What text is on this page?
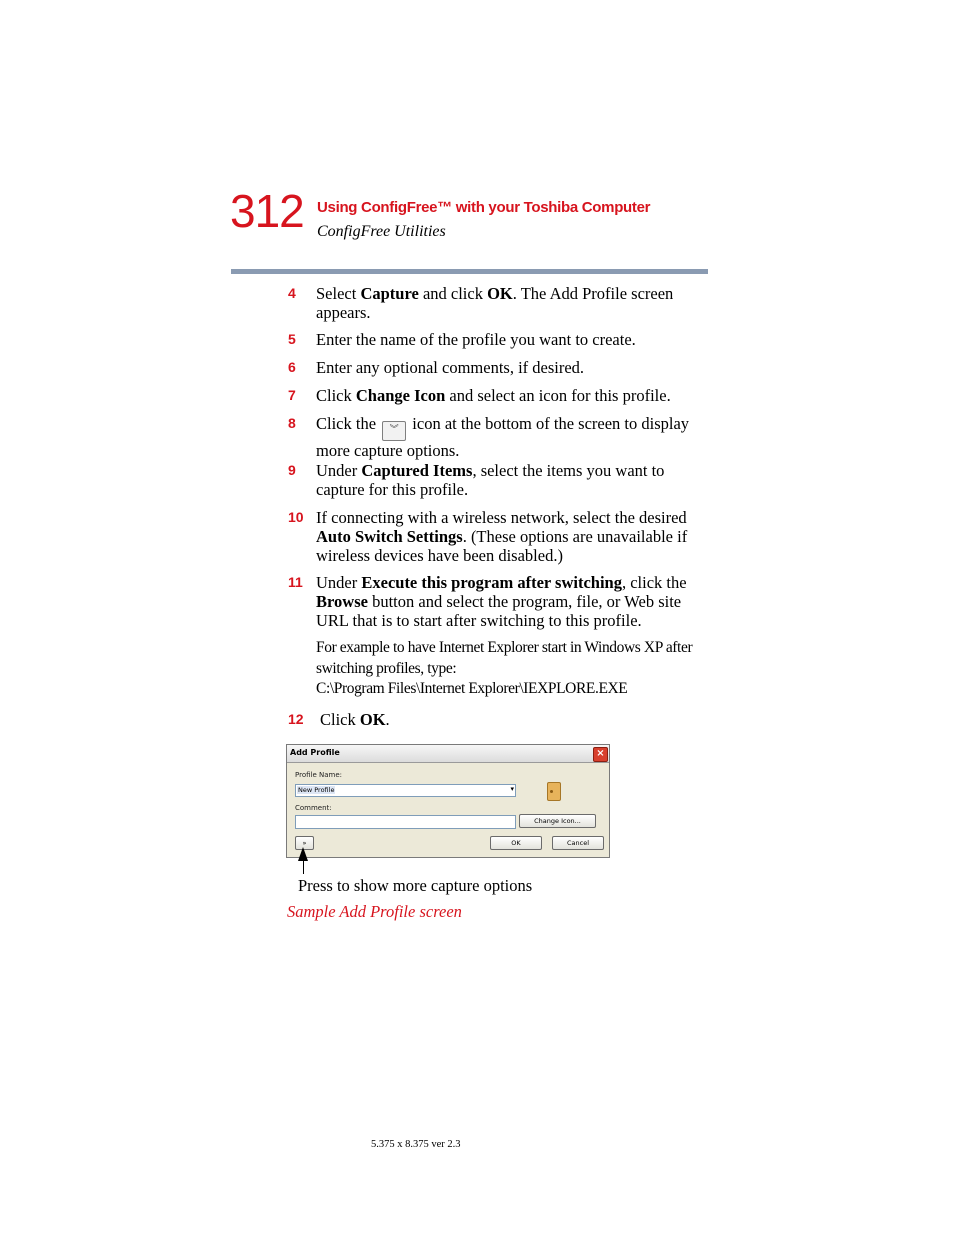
312 Using ConfigFree™ with your Toshiba Computer
ConfigFree Utilities
4 Select Capture and click OK. The Add Profile screen appears.
5 Enter the name of the profile you want to create.
6 Enter any optional comments, if desired.
7 Click Change Icon and select an icon for this profile.
8 Click the ︾ icon at the bottom of the screen to display more capture options.
9 Under Captured Items, select the items you want to capture for this profile.
10 If connecting with a wireless network, select the desired Auto Switch Settings. (These options are unavailable if wireless devices have been disabled.)
11 Under Execute this program after switching, click the Browse button and select the program, file, or Web site URL that is to start after switching to this profile.
For example to have Internet Explorer start in Windows XP after switching profiles, type:
C:\Program Files\Internet Explorer\IEXPLORE.EXE
12 Click OK.
Add Profile	×
Profile Name:
New Profile	▾
Comment:
Change Icon...
»	OK	Cancel
Press to show more capture options
Sample Add Profile screen
5.375 x 8.375 ver 2.3
